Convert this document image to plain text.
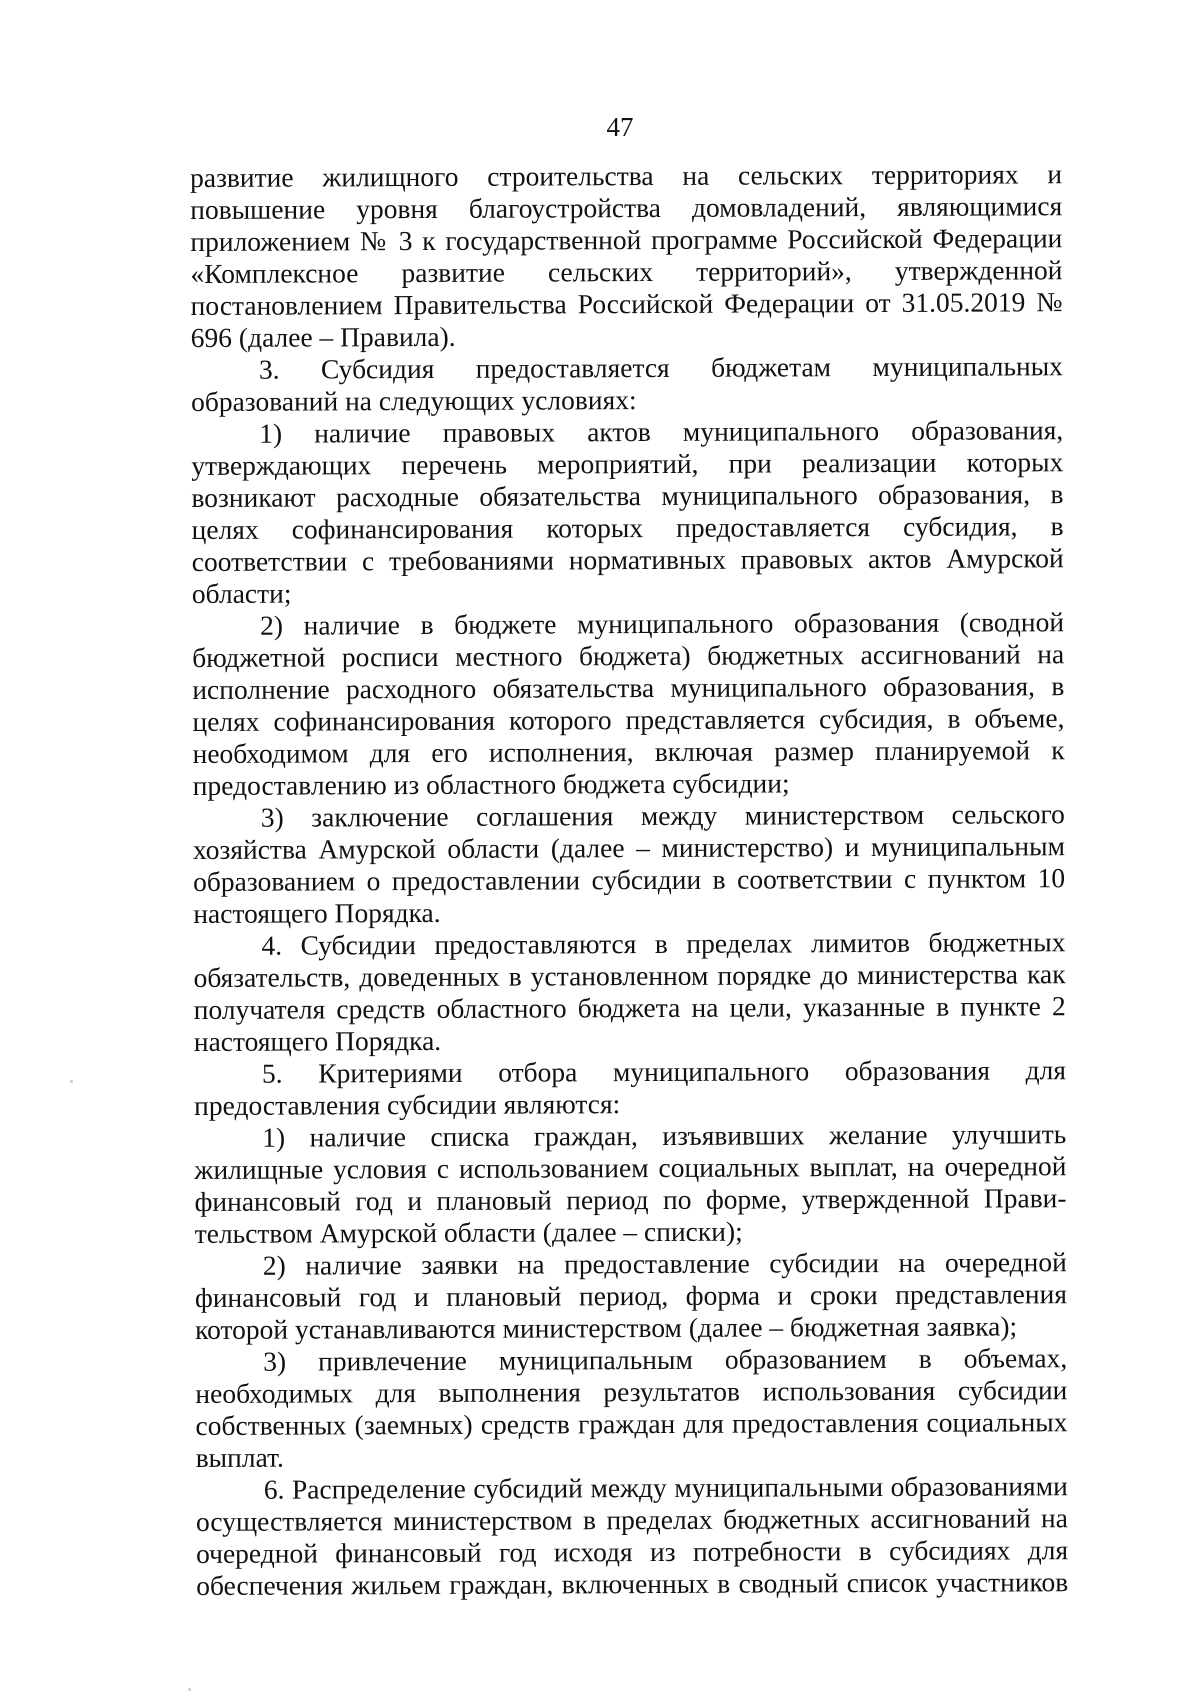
47

развитие жилищного строительства на сельских территориях и повышение уровня благоустройства домовладений, являющимися приложением № 3 к государственной программе Российской Федерации «Комплексное развитие сельских территорий», утвержденной постановлением Правительства Российской Федерации от 31.05.2019 № 696 (далее – Правила).

3. Субсидия предоставляется бюджетам муниципальных образований на следующих условиях:

1) наличие правовых актов муниципального образования, утверждающих перечень мероприятий, при реализации которых возникают расходные обязательства муниципального образования, в целях софинансирования которых предоставляется субсидия, в соответствии с требованиями нормативных правовых актов Амурской области;

2) наличие в бюджете муниципального образования (сводной бюджетной росписи местного бюджета) бюджетных ассигнований на исполнение расходного обязательства муниципального образования, в целях софинансирования которого представляется субсидия, в объеме, необходимом для его исполнения, включая размер планируемой к предоставлению из областного бюджета субсидии;

3) заключение соглашения между министерством сельского хозяйства Амурской области (далее – министерство) и муниципальным образованием о предоставлении субсидии в соответствии с пунктом 10 настоящего Порядка.

4. Субсидии предоставляются в пределах лимитов бюджетных обязательств, доведенных в установленном порядке до министерства как получателя средств областного бюджета на цели, указанные в пункте 2 настоящего Порядка.

5. Критериями отбора муниципального образования для предоставления субсидии являются:

1) наличие списка граждан, изъявивших желание улучшить жилищные условия с использованием социальных выплат, на очередной финансовый год и плановый период по форме, утвержденной Правительством Амурской области (далее – списки);

2) наличие заявки на предоставление субсидии на очередной финансовый год и плановый период, форма и сроки представления которой устанавливаются министерством (далее – бюджетная заявка);

3) привлечение муниципальным образованием в объемах, необходимых для выполнения результатов использования субсидии собственных (заемных) средств граждан для предоставления социальных выплат.

6. Распределение субсидий между муниципальными образованиями осуществляется министерством в пределах бюджетных ассигнований на очередной финансовый год исходя из потребности в субсидиях для обеспечения жильем граждан, включенных в сводный список участников
